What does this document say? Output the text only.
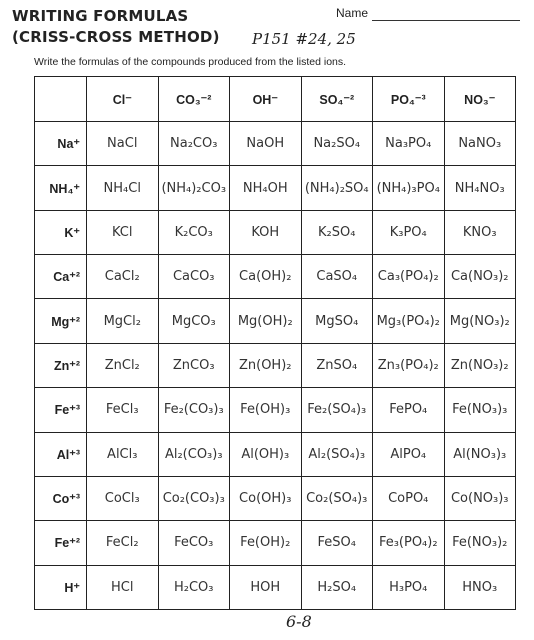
WRITING FORMULAS
(CRISS-CROSS METHOD)
Name
P151 #24, 25
Write the formulas of the compounds produced from the listed ions.
	Cl⁻	CO₃⁻²	OH⁻	SO₄⁻²	PO₄⁻³	NO₃⁻
Na⁺	NaCl	Na₂CO₃	NaOH	Na₂SO₄	Na₃PO₄	NaNO₃
NH₄⁺	NH₄Cl	(NH₄)₂CO₃	NH₄OH	(NH₄)₂SO₄	(NH₄)₃PO₄	NH₄NO₃
K⁺	KCl	K₂CO₃	KOH	K₂SO₄	K₃PO₄	KNO₃
Ca⁺²	CaCl₂	CaCO₃	Ca(OH)₂	CaSO₄	Ca₃(PO₄)₂	Ca(NO₃)₂
Mg⁺²	MgCl₂	MgCO₃	Mg(OH)₂	MgSO₄	Mg₃(PO₄)₂	Mg(NO₃)₂
Zn⁺²	ZnCl₂	ZnCO₃	Zn(OH)₂	ZnSO₄	Zn₃(PO₄)₂	Zn(NO₃)₂
Fe⁺³	FeCl₃	Fe₂(CO₃)₃	Fe(OH)₃	Fe₂(SO₄)₃	FePO₄	Fe(NO₃)₃
Al⁺³	AlCl₃	Al₂(CO₃)₃	Al(OH)₃	Al₂(SO₄)₃	AlPO₄	Al(NO₃)₃
Co⁺³	CoCl₃	Co₂(CO₃)₃	Co(OH)₃	Co₂(SO₄)₃	CoPO₄	Co(NO₃)₃
Fe⁺²	FeCl₂	FeCO₃	Fe(OH)₂	FeSO₄	Fe₃(PO₄)₂	Fe(NO₃)₂
H⁺	HCl	H₂CO₃	HOH	H₂SO₄	H₃PO₄	HNO₃
6-8
